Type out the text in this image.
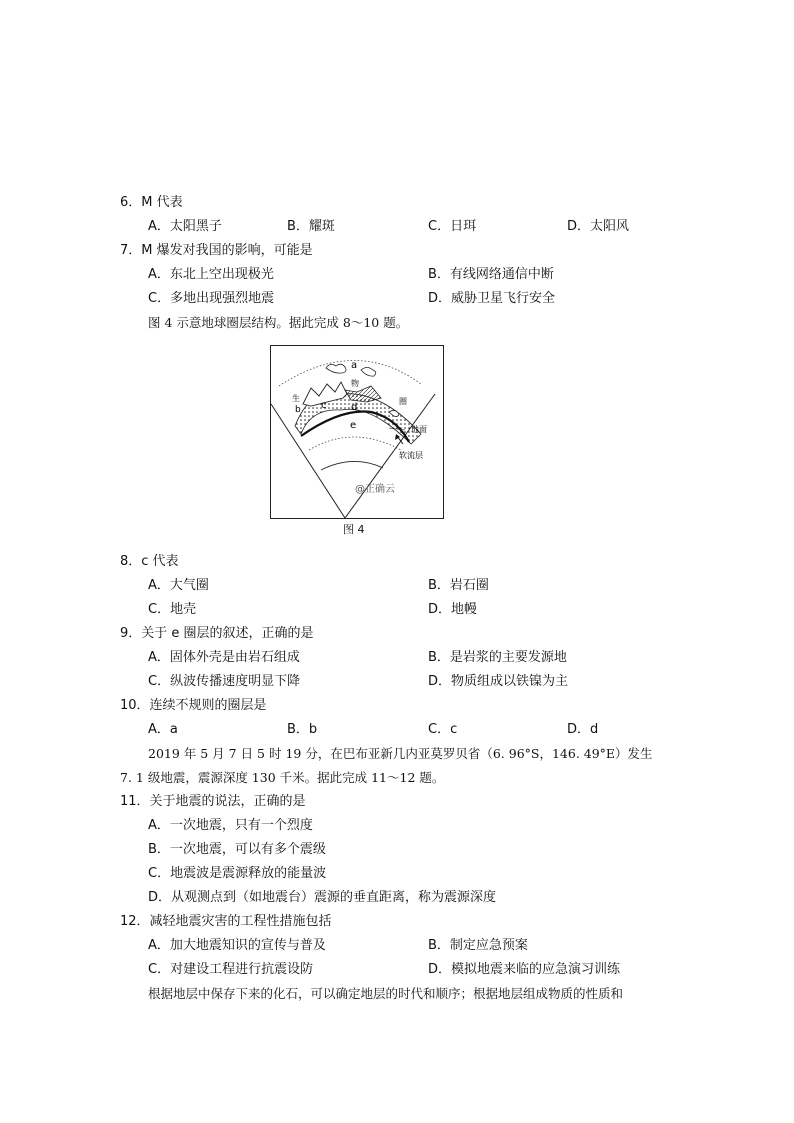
6．M 代表
A．太阳黑子	B．耀斑	C．日珥	D．太阳风
7．M 爆发对我国的影响，可能是
A．东北上空出现极光	B．有线网络通信中断
C．多地出现强烈地震	D．威胁卫星飞行安全
图 4 示意地球圈层结构。据此完成 8～10 题。
a
物
生
b c d
圈
e	地面
软流层
@正确云
图 4
8．c 代表
A．大气圈	B．岩石圈
C．地壳	D．地幔
9．关于 e 圈层的叙述，正确的是
A．固体外壳是由岩石组成	B．是岩浆的主要发源地
C．纵波传播速度明显下降	D．物质组成以铁镍为主
10．连续不规则的圈层是
A．a	B．b	C．c	D．d
2019 年 5 月 7 日 5 时 19 分，在巴布亚新几内亚莫罗贝省（6. 96°S，146. 49°E）发生
7. 1 级地震，震源深度 130 千米。据此完成 11～12 题。
11．关于地震的说法，正确的是
A．一次地震，只有一个烈度
B．一次地震，可以有多个震级
C．地震波是震源释放的能量波
D．从观测点到（如地震台）震源的垂直距离，称为震源深度
12．减轻地震灾害的工程性措施包括
A．加大地震知识的宣传与普及	B．制定应急预案
C．对建设工程进行抗震设防	D．模拟地震来临的应急演习训练
根据地层中保存下来的化石，可以确定地层的时代和顺序；根据地层组成物质的性质和
